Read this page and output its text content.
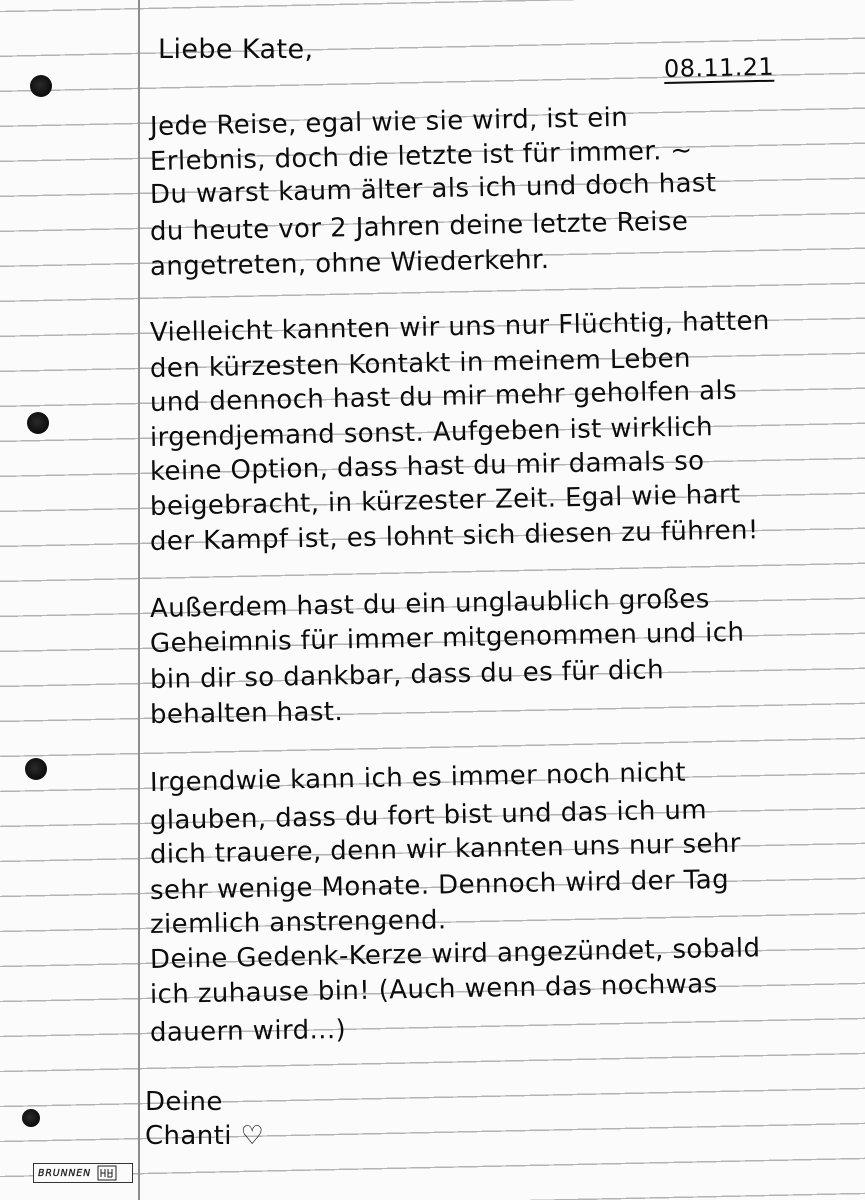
Liebe Kate,
08.11.21
Jede Reise, egal wie sie wird, ist ein
Erlebnis, doch die letzte ist für immer. ~
Du warst kaum älter als ich und doch hast
du heute vor 2 Jahren deine letzte Reise
angetreten, ohne Wiederkehr.
Vielleicht kannten wir uns nur Flüchtig, hatten
den kürzesten Kontakt in meinem Leben
und dennoch hast du mir mehr geholfen als
irgendjemand sonst. Aufgeben ist wirklich
keine Option, dass hast du mir damals so
beigebracht, in kürzester Zeit. Egal wie hart
der Kampf ist, es lohnt sich diesen zu führen!
Außerdem hast du ein unglaublich großes
Geheimnis für immer mitgenommen und ich
bin dir so dankbar, dass du es für dich
behalten hast.
Irgendwie kann ich es immer noch nicht
glauben, dass du fort bist und das ich um
dich trauere, denn wir kannten uns nur sehr
sehr wenige Monate. Dennoch wird der Tag
ziemlich anstrengend.
Deine Gedenk-Kerze wird angezündet, sobald
ich zuhause bin! (Auch wenn das nochwas
dauern wird...)
Deine
Chanti ♡
BRUNNEN
